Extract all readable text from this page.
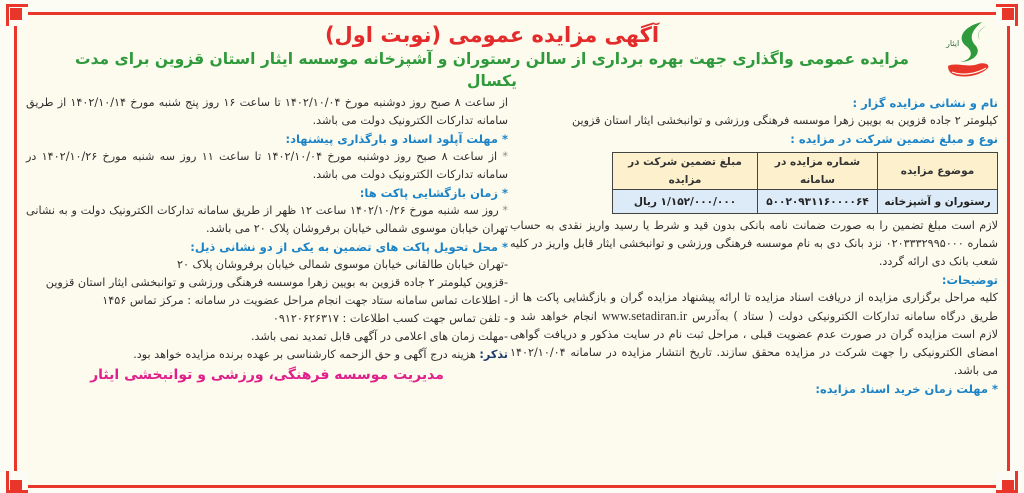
ایثار
آگهی مزایده عمومی (نوبت اول)
مزایده عمومی واگذاری جهت بهره برداری از سالن رستوران و آشپزخانه موسسه ایثار استان قزوین برای مدت یکسال
نام و نشانی مزایده گزار :
کیلومتر ۲ جاده قزوین به بویین زهرا موسسه فرهنگی ورزشی و توانبخشی ایثار استان قزوین
نوع و مبلغ تضمین شرکت در مزایده :
موضوع مزایده	شماره مزایده در سامانه	مبلغ تضمین شرکت در مزایده
رستوران و آشپزخانه	۵۰۰۲۰۹۳۱۱۶۰۰۰۰۶۴	۱/۱۵۲/۰۰۰/۰۰۰ ریال
لازم است مبلغ تضمین را به صورت ضمانت نامه بانکی بدون قید و شرط یا رسید واریز نقدی به حساب شماره ۰۲۰۳۳۳۲۹۹۵۰۰۰ نزد بانک دی به نام موسسه فرهنگی ورزشی و توانبخشی ایثار قابل واریز در کلیه شعب بانک دی ارائه گردد.
توضیحات:
کلیه مراحل برگزاری مزایده از دریافت اسناد مزایده تا ارائه پیشنهاد مزایده گران و بازگشایی پاکت ها از طریق درگاه سامانه تدارکات الکترونیکی دولت ( ستاد ) به‌آدرس www.setadiran.ir انجام خواهد شد و لازم است مزایده گران در صورت عدم عضویت قبلی ، مراحل ثبت نام در سایت مذکور و دریافت گواهی امضای الکترونیکی را جهت شرکت در مزایده محقق سازند. تاریخ انتشار مزایده در سامانه ۱۴۰۲/۱۰/۰۴ می باشد.
* مهلت زمان خرید اسناد مزایده:
از ساعت ۸ صبح روز دوشنبه مورخ ۱۴۰۲/۱۰/۰۴ تا ساعت ۱۶ روز پنج شنبه مورخ ۱۴۰۲/۱۰/۱۴ از طریق سامانه تدارکات الکترونیک دولت می باشد.
* مهلت آپلود اسناد و بارگذاری پیشنهاد:
* از ساعت ۸ صبح روز دوشنبه مورخ ۱۴۰۲/۱۰/۰۴ تا ساعت ۱۱ روز سه شنبه مورخ ۱۴۰۲/۱۰/۲۶ در سامانه تدارکات الکترونیک دولت می باشد.
* زمان بازگشایی پاکت ها:
* روز سه شنبه مورخ ۱۴۰۲/۱۰/۲۶ ساعت ۱۲ ظهر از طریق سامانه تدارکات الکترونیک دولت و به نشانی تهران خیابان موسوی شمالی خیابان برفروشان پلاک ۲۰ می باشد.
* محل تحویل پاکت های تضمین به یکی از دو نشانی ذیل:
-تهران خیابان طالقانی خیابان موسوی شمالی خیابان برفروشان پلاک ۲۰
-قزوین کیلومتر ۲ جاده قزوین به بویین زهرا موسسه فرهنگی ورزشی و توانبخشی ایثار استان قزوین
- اطلاعات تماس سامانه ستاد جهت انجام مراحل عضویت در سامانه : مرکز تماس ۱۴۵۶
- تلفن تماس جهت کسب اطلاعات : ۰۹۱۲۰۶۲۶۳۱۷
-مهلت زمان های اعلامی در آگهی قابل تمدید نمی باشد.
تذکر: هزینه درج آگهی و حق الزحمه کارشناسی بر عهده برنده مزایده خواهد بود.
مدیریت موسسه فرهنگی، ورزشی و توانبخشی ایثار
